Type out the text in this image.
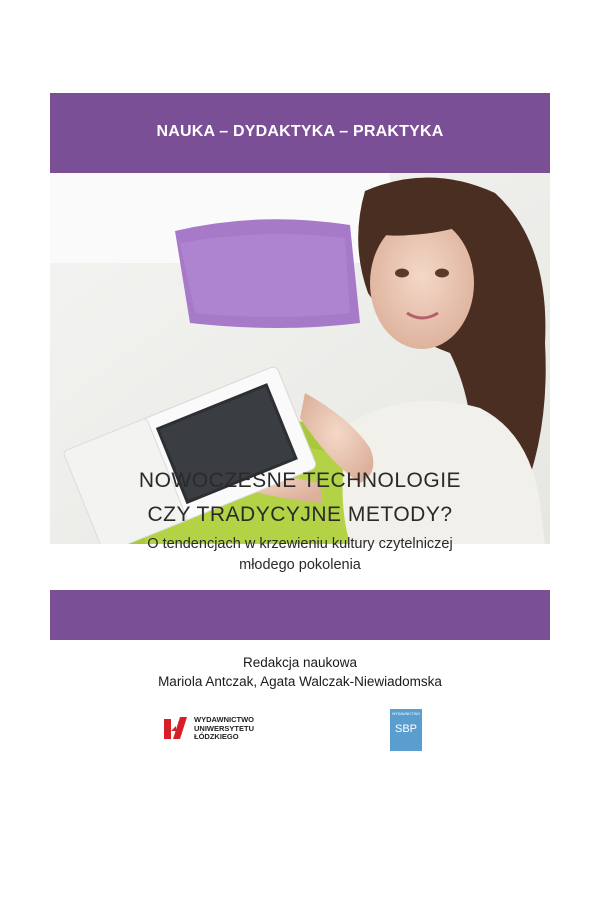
NAUKA – DYDAKTYKA – PRAKTYKA
NOWOCZESNE TECHNOLOGIE
CZY TRADYCYJNE METODY?
O tendencjach w krzewieniu kultury czytelniczej
młodego pokolenia
Redakcja naukowa
Mariola Antczak, Agata Walczak-Niewiadomska
WYDAWNICTWO
UNIWERSYTETU
ŁÓDZKIEGO
WYDAWNICTWO
SBP
